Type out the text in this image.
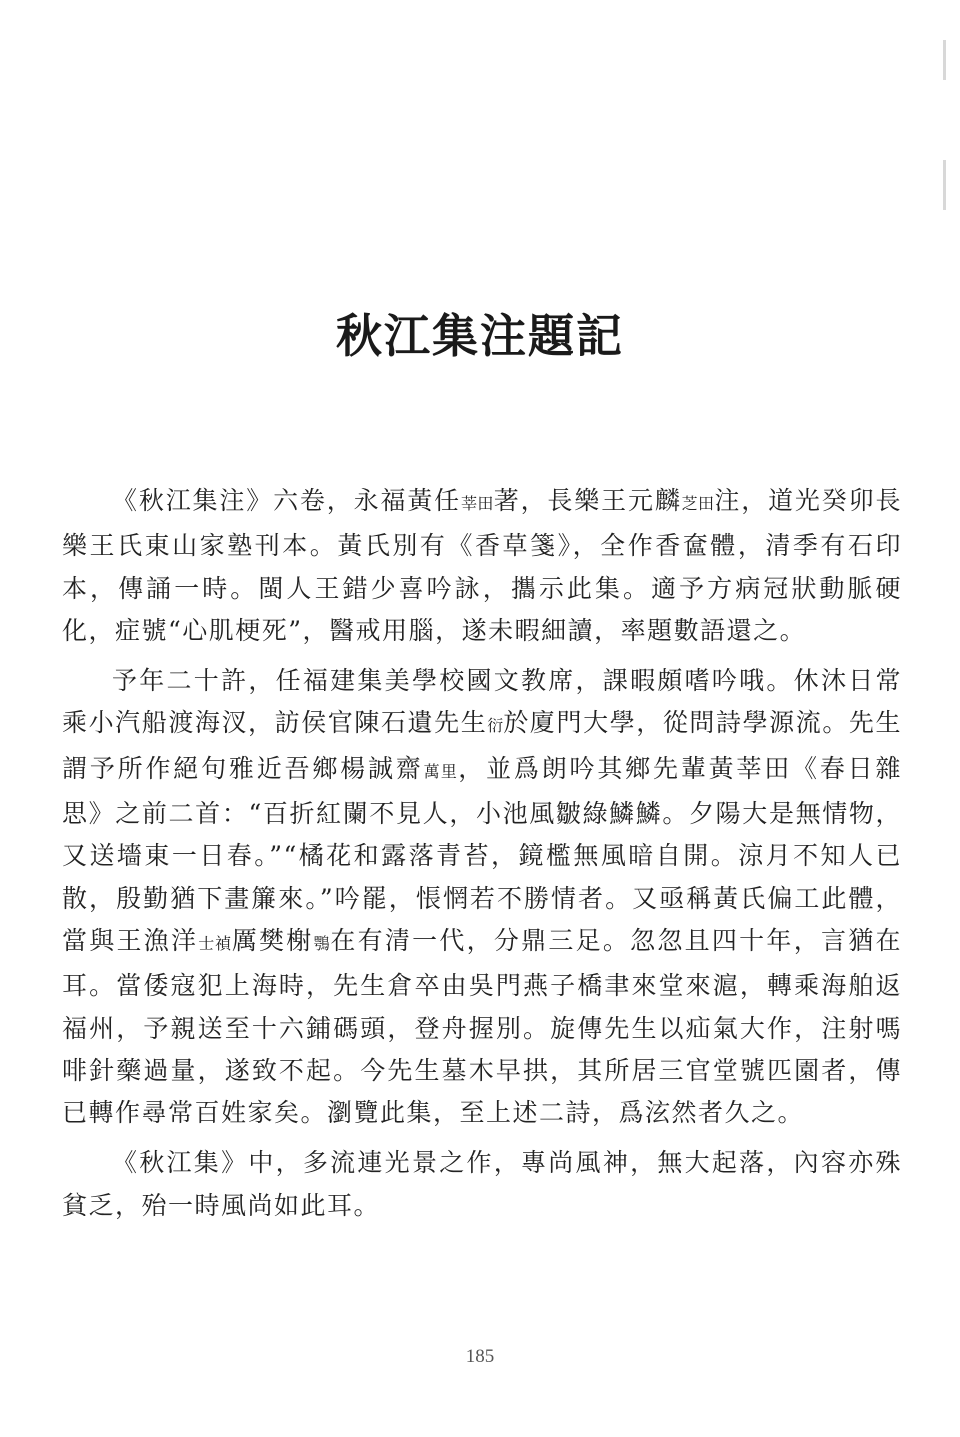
秋江集注題記

《秋江集注》六卷，永福黃任莘田著，長樂王元麟芝田注，道光癸卯長樂王氏東山家塾刊本。黃氏別有《香草箋》，全作香奩體，清季有石印本，傳誦一時。閩人王錯少喜吟詠，攜示此集。適予方病冠狀動脈硬化，症號“心肌梗死”，醫戒用腦，遂未暇細讀，率題數語還之。

予年二十許，任福建集美學校國文教席，課暇頗嗜吟哦。休沐日常乘小汽船渡海汊，訪侯官陳石遺先生衍於廈門大學，從問詩學源流。先生謂予所作絕句雅近吾鄉楊誠齋萬里，並爲朗吟其鄉先輩黃莘田《春日雜思》之前二首：“百折紅闌不見人，小池風皺綠鱗鱗。夕陽大是無情物，又送墻東一日春。”“橘花和露落青苔，鏡檻無風暗自開。涼月不知人已散，殷勤猶下畫簾來。”吟罷，悵惘若不勝情者。又亟稱黃氏偏工此體，當與王漁洋士禎厲樊榭鶚在有清一代，分鼎三足。忽忽且四十年，言猶在耳。當倭寇犯上海時，先生倉卒由吳門燕子橋聿來堂來滬，轉乘海舶返福州，予親送至十六鋪碼頭，登舟握別。旋傳先生以疝氣大作，注射嗎啡針藥過量，遂致不起。今先生墓木早拱，其所居三官堂號匹園者，傳已轉作尋常百姓家矣。瀏覽此集，至上述二詩，爲泫然者久之。

《秋江集》中，多流連光景之作，專尚風神，無大起落，內容亦殊貧乏，殆一時風尚如此耳。

185
